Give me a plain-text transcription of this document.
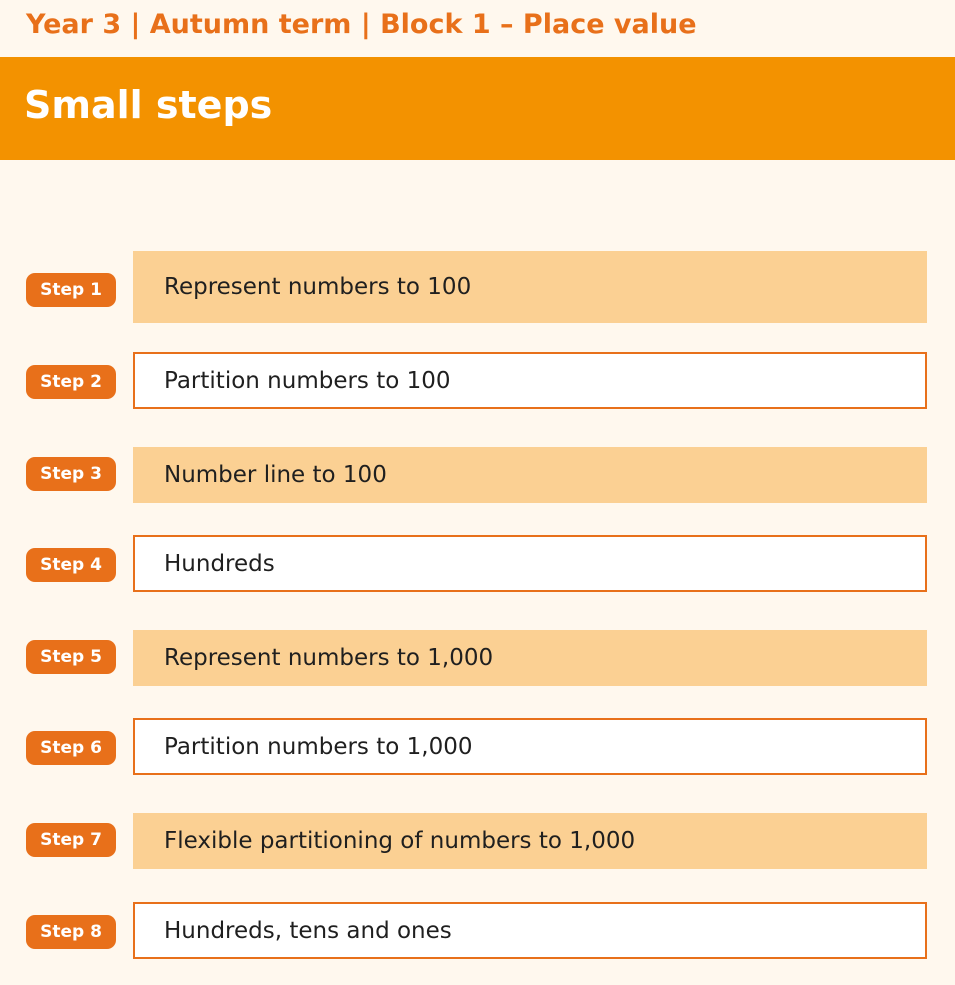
Year 3 | Autumn term | Block 1 – Place value
Small steps
Step 1	Represent numbers to 100
Step 2	Partition numbers to 100
Step 3	Number line to 100
Step 4	Hundreds
Step 5	Represent numbers to 1,000
Step 6	Partition numbers to 1,000
Step 7	Flexible partitioning of numbers to 1,000
Step 8	Hundreds, tens and ones
